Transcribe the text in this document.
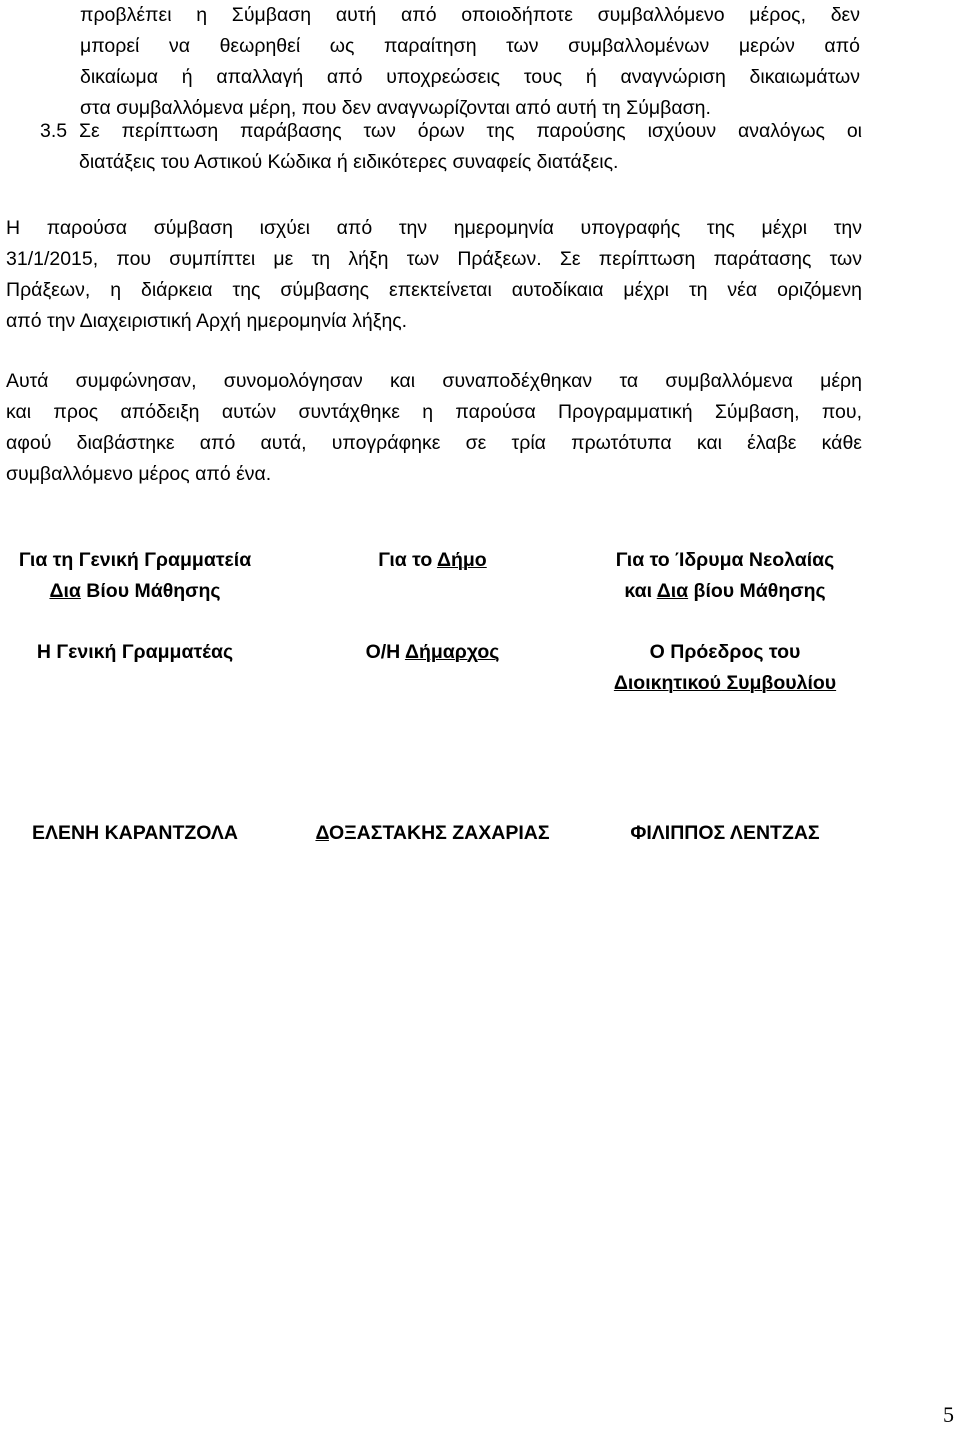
προβλέπει η Σύμβαση αυτή από οποιοδήποτε συμβαλλόμενο μέρος, δεν
μπορεί να θεωρηθεί ως παραίτηση των συμβαλλομένων μερών από
δικαίωμα ή απαλλαγή από υποχρεώσεις τους ή αναγνώριση δικαιωμάτων
στα συμβαλλόμενα μέρη, που δεν αναγνωρίζονται από αυτή τη Σύμβαση.
3.5 Σε περίπτωση παράβασης των όρων της παρούσης ισχύουν αναλόγως οι
διατάξεις του Αστικού Κώδικα ή ειδικότερες συναφείς διατάξεις.
Η παρούσα σύμβαση ισχύει από την ημερομηνία υπογραφής της μέχρι την
31/1/2015, που συμπίπτει με τη λήξη των Πράξεων. Σε περίπτωση παράτασης των
Πράξεων, η διάρκεια της σύμβασης επεκτείνεται αυτοδίκαια μέχρι τη νέα οριζόμενη
από την Διαχειριστική Αρχή ημερομηνία λήξης.
Αυτά συμφώνησαν, συνομολόγησαν και συναποδέχθηκαν τα συμβαλλόμενα μέρη
και προς απόδειξη αυτών συντάχθηκε η παρούσα Προγραμματική Σύμβαση, που,
αφού διαβάστηκε από αυτά, υπογράφηκε σε τρία πρωτότυπα και έλαβε κάθε
συμβαλλόμενο μέρος από ένα.
Για τη Γενική Γραμματεία
Δια Βίου Μάθησης
Η Γενική Γραμματέας
ΕΛΕΝΗ ΚΑΡΑΝΤΖΟΛΑ
Για το Δήμο
Ο/Η Δήμαρχος
ΔΟΞΑΣΤΑΚΗΣ ΖΑΧΑΡΙΑΣ
Για το Ίδρυμα Νεολαίας
και Δια βίου Μάθησης
Ο Πρόεδρος του
Διοικητικού Συμβουλίου
ΦΙΛΙΠΠΟΣ ΛΕΝΤΖΑΣ
5
